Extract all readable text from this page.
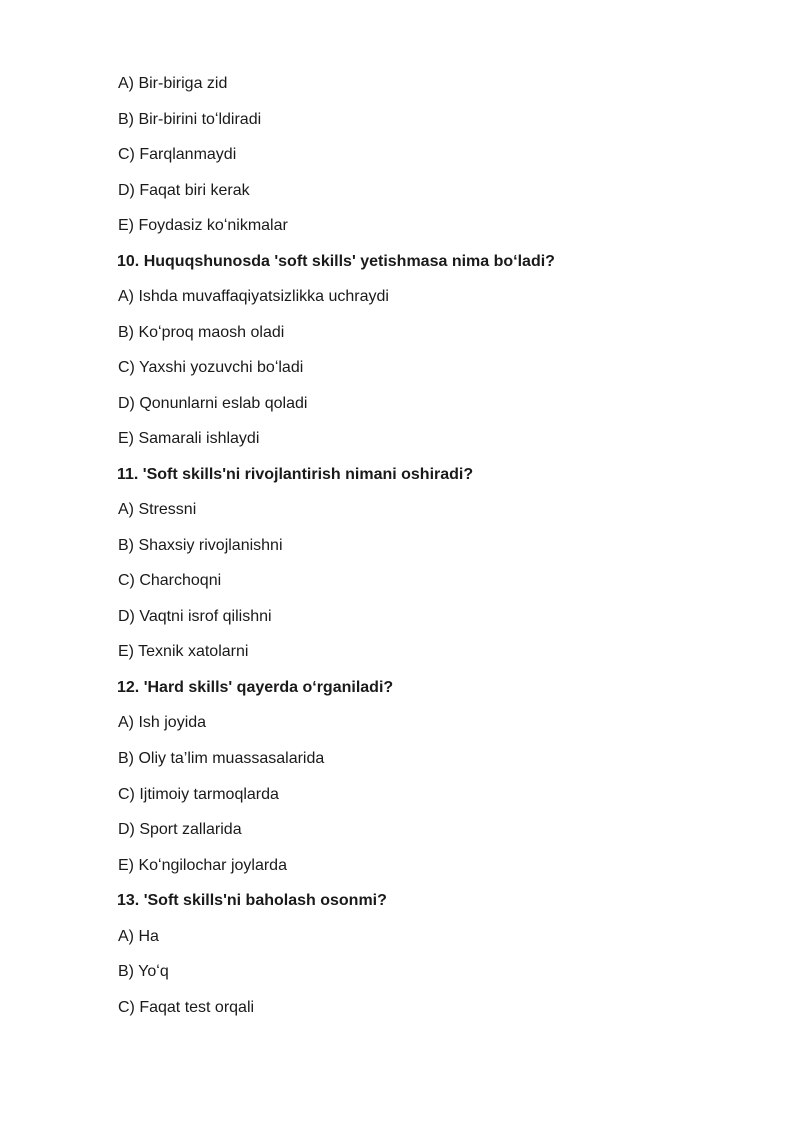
A) Bir-biriga zid
B) Bir-birini toʻldiradi
C) Farqlanmaydi
D) Faqat biri kerak
E) Foydasiz koʻnikmalar
10. Huquqshunosda 'soft skills' yetishmasa nima boʻladi?
A) Ishda muvaffaqiyatsizlikka uchraydi
B) Koʻproq maosh oladi
C) Yaxshi yozuvchi boʻladi
D) Qonunlarni eslab qoladi
E) Samarali ishlaydi
11. 'Soft skills'ni rivojlantirish nimani oshiradi?
A) Stressni
B) Shaxsiy rivojlanishni
C) Charchoqni
D) Vaqtni isrof qilishni
E) Texnik xatolarni
12. 'Hard skills' qayerda oʻrganiladi?
A) Ish joyida
B) Oliy ta’lim muassasalarida
C) Ijtimoiy tarmoqlarda
D) Sport zallarida
E) Koʻngilochar joylarda
13. 'Soft skills'ni baholash osonmi?
A) Ha
B) Yoʻq
C) Faqat test orqali
